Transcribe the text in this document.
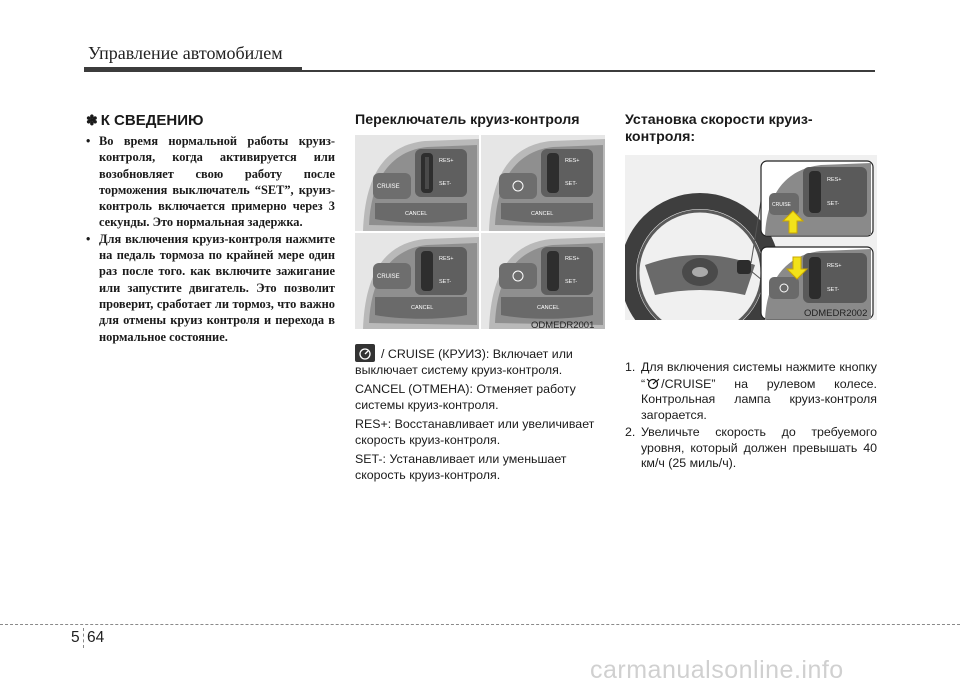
Управление автомобилем
✽ К СВЕДЕНИЮ
• Во время нормальной работы круиз-контроля, когда активируется или возобновляет свою работу после торможения выключатель “SET”, круиз-контроль включается примерно через 3 секунды. Это нормальная задержка.
• Для включения круиз-контроля нажмите на педаль тормоза по крайней мере один раз после того. как включите зажигание или запустите двигатель. Это позволит проверит, сработает ли тормоз, что важно для отмены круиз контроля и перехода в нормальное состояние.
Переключатель круиз-контроля
CRUISE
RES+
SET-
CANCEL
RES+
SET-
CANCEL
CRUISE
RES+
SET-
CANCEL
RES+
SET-
CANCEL
ODMEDR2001
/ CRUISE (КРУИЗ): Включает или выключает систему круиз-контроля.
CANCEL (ОТМЕНА): Отменяет работу системы круиз-контроля.
RES+: Восстанавливает или увеличивает скорость круиз-контроля.
SET-: Устанавливает или уменьшает скорость круиз-контроля.
Установка скорости круиз-контроля:
CRUISE
RES+
SET-
RES+
SET-
ODMEDR2002
1. Для включения системы нажмите кнопку “ /CRUISE” на рулевом колесе. Контрольная лампа круиз-контроля загорается.
2. Увеличьте скорость до требуемого уровня, который должен превышать 40 км/ч (25 миль/ч).
5 64
carmanualsonline.info
